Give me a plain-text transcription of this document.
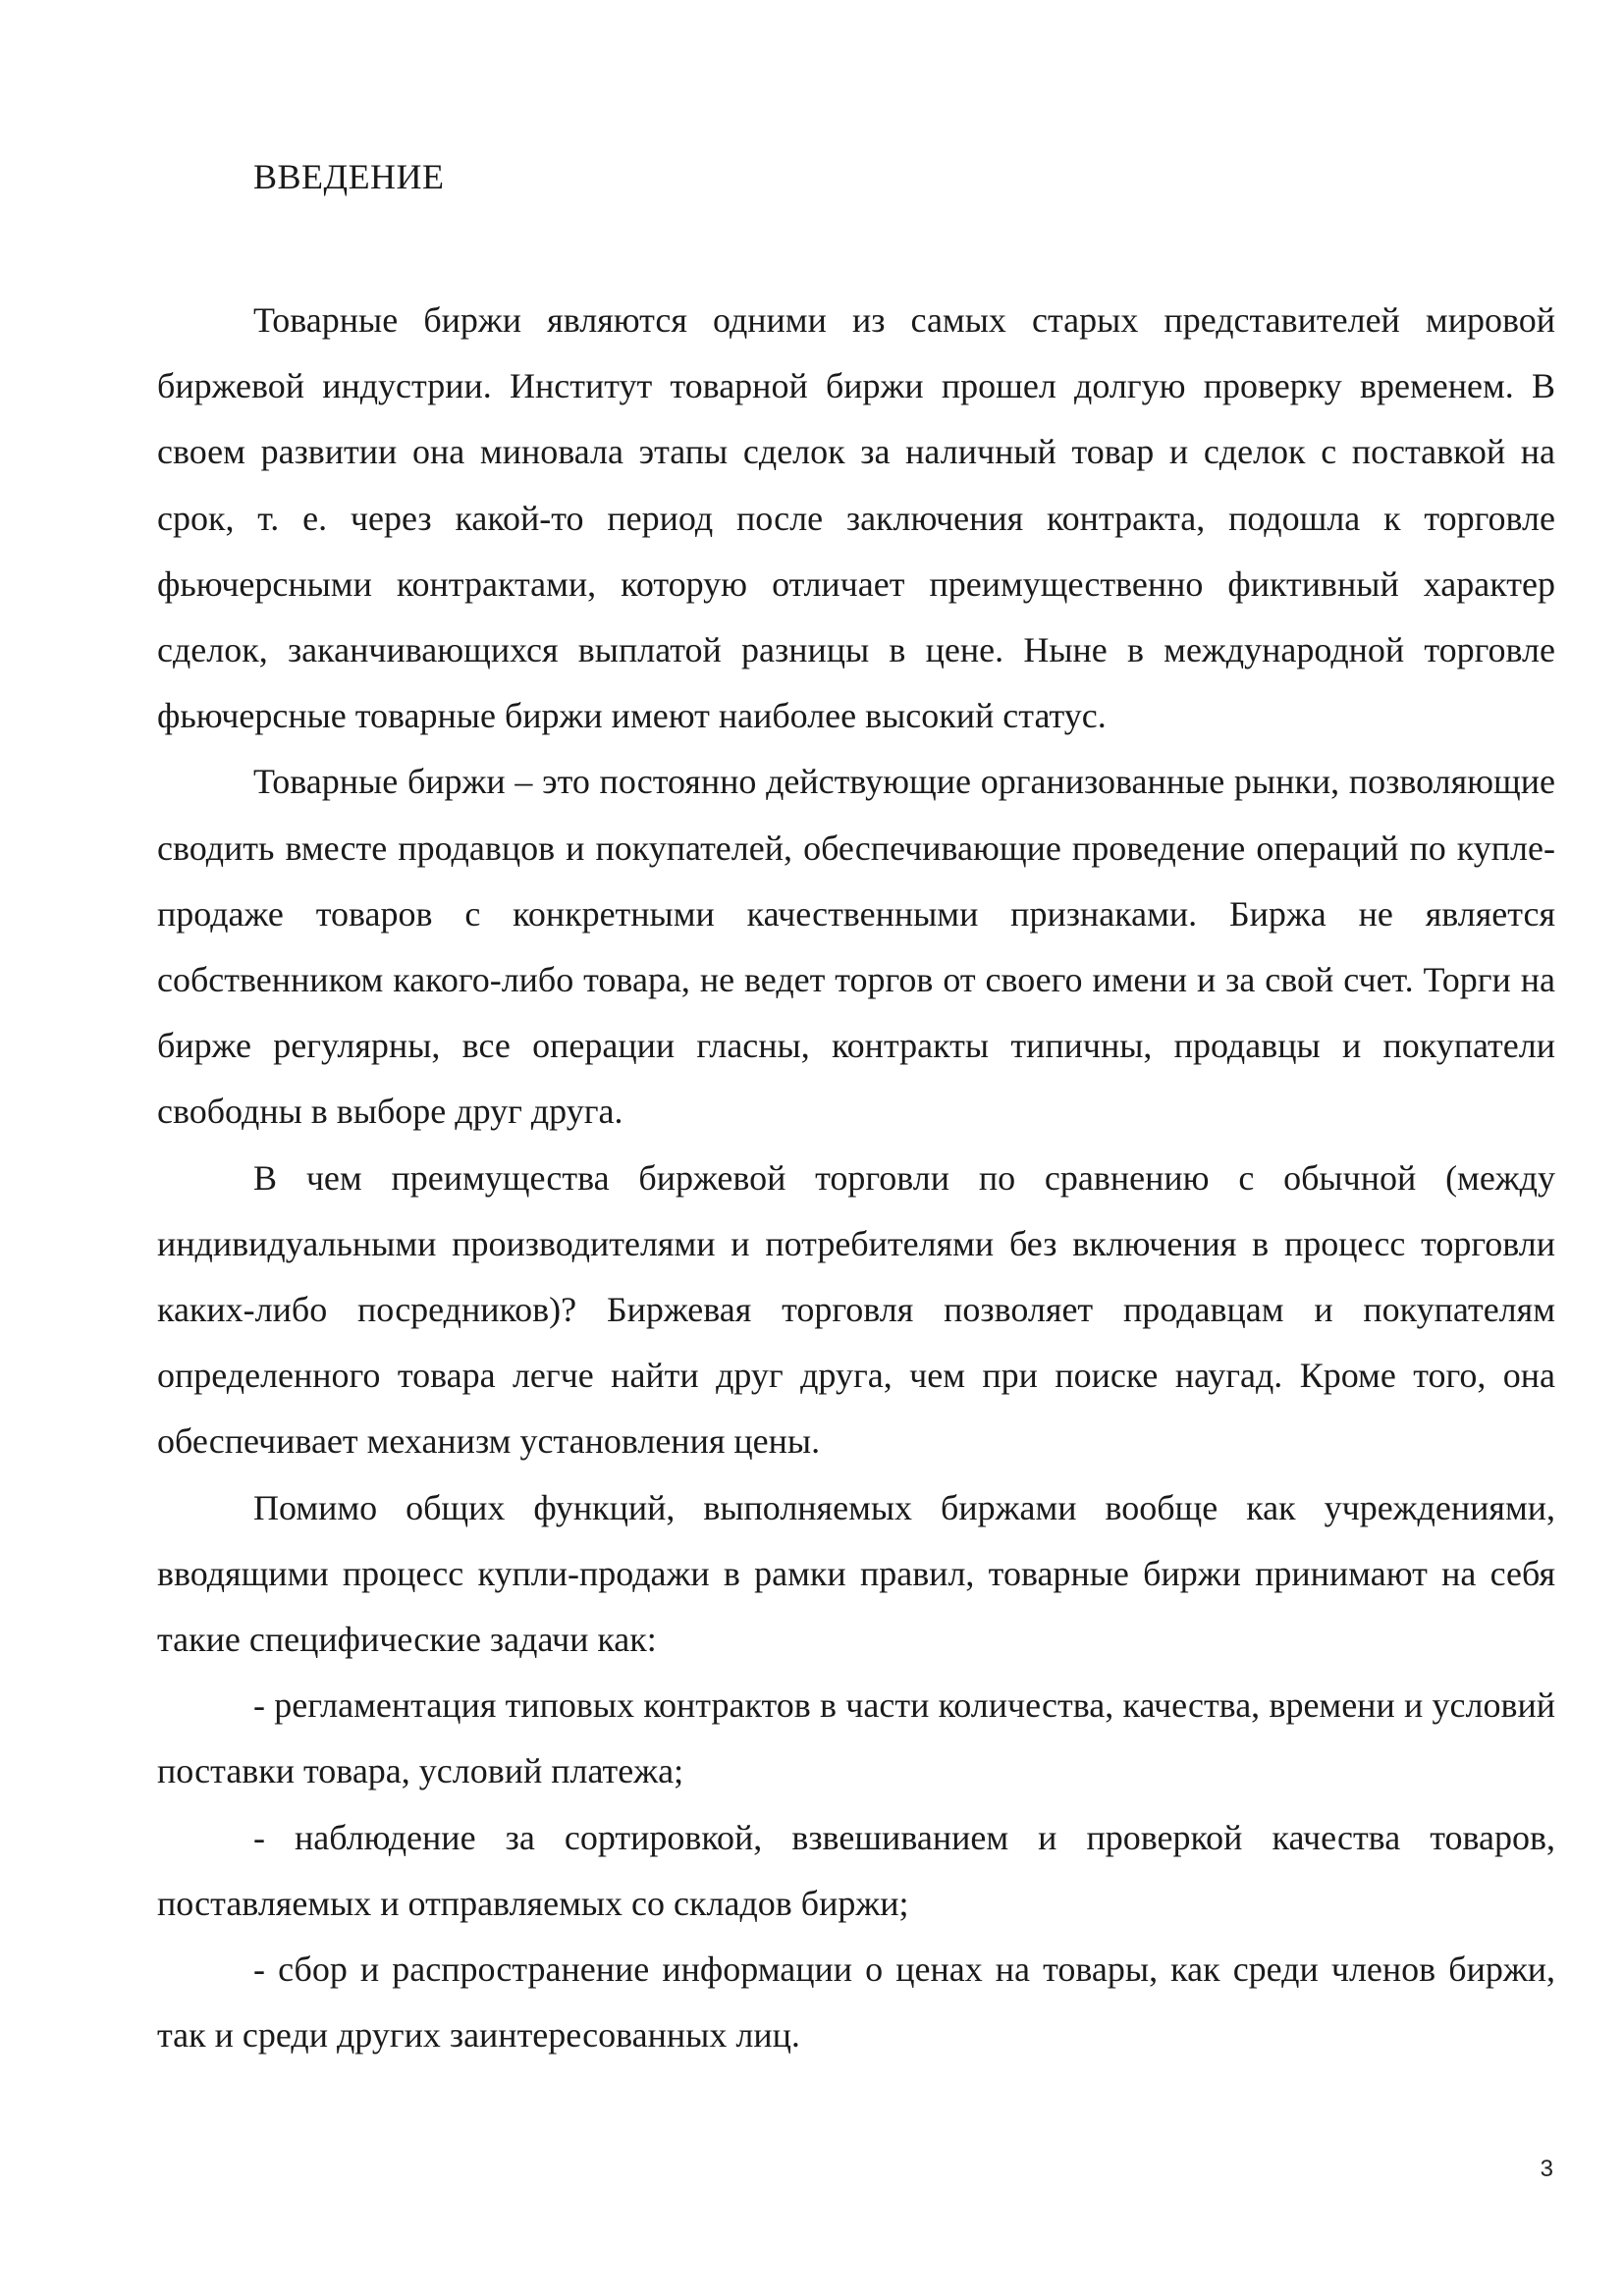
ВВЕДЕНИЕ

Товарные биржи являются одними из самых старых представителей мировой биржевой индустрии. Институт товарной биржи прошел долгую проверку временем. В своем развитии она миновала этапы сделок за наличный товар и сделок с поставкой на срок, т. е. через какой-то период после заключения контракта, подошла к торговле фьючерсными контрактами, которую отличает преимущественно фиктивный характер сделок, заканчивающихся выплатой разницы в цене. Ныне в международной торговле фьючерсные товарные биржи имеют наиболее высокий статус.

Товарные биржи – это постоянно действующие организованные рынки, позволяющие сводить вместе продавцов и покупателей, обеспечивающие проведение операций по купле-продаже товаров с конкретными качественными признаками. Биржа не является собственником какого-либо товара, не ведет торгов от своего имени и за свой счет. Торги на бирже регулярны, все операции гласны, контракты типичны, продавцы и покупатели свободны в выборе друг друга.

В чем преимущества биржевой торговли по сравнению с обычной (между индивидуальными производителями и потребителями без включения в процесс торговли каких-либо посредников)? Биржевая торговля позволяет продавцам и покупателям определенного товара легче найти друг друга, чем при поиске наугад. Кроме того, она обеспечивает механизм установления цены.

Помимо общих функций, выполняемых биржами вообще как учреждениями, вводящими процесс купли-продажи в рамки правил, товарные биржи принимают на себя такие специфические задачи как:

- регламентация типовых контрактов в части количества, качества, времени и условий поставки товара, условий платежа;

- наблюдение за сортировкой, взвешиванием и проверкой качества товаров, поставляемых и отправляемых со складов биржи;

- сбор и распространение информации о ценах на товары, как среди членов биржи, так и среди других заинтересованных лиц.

3
